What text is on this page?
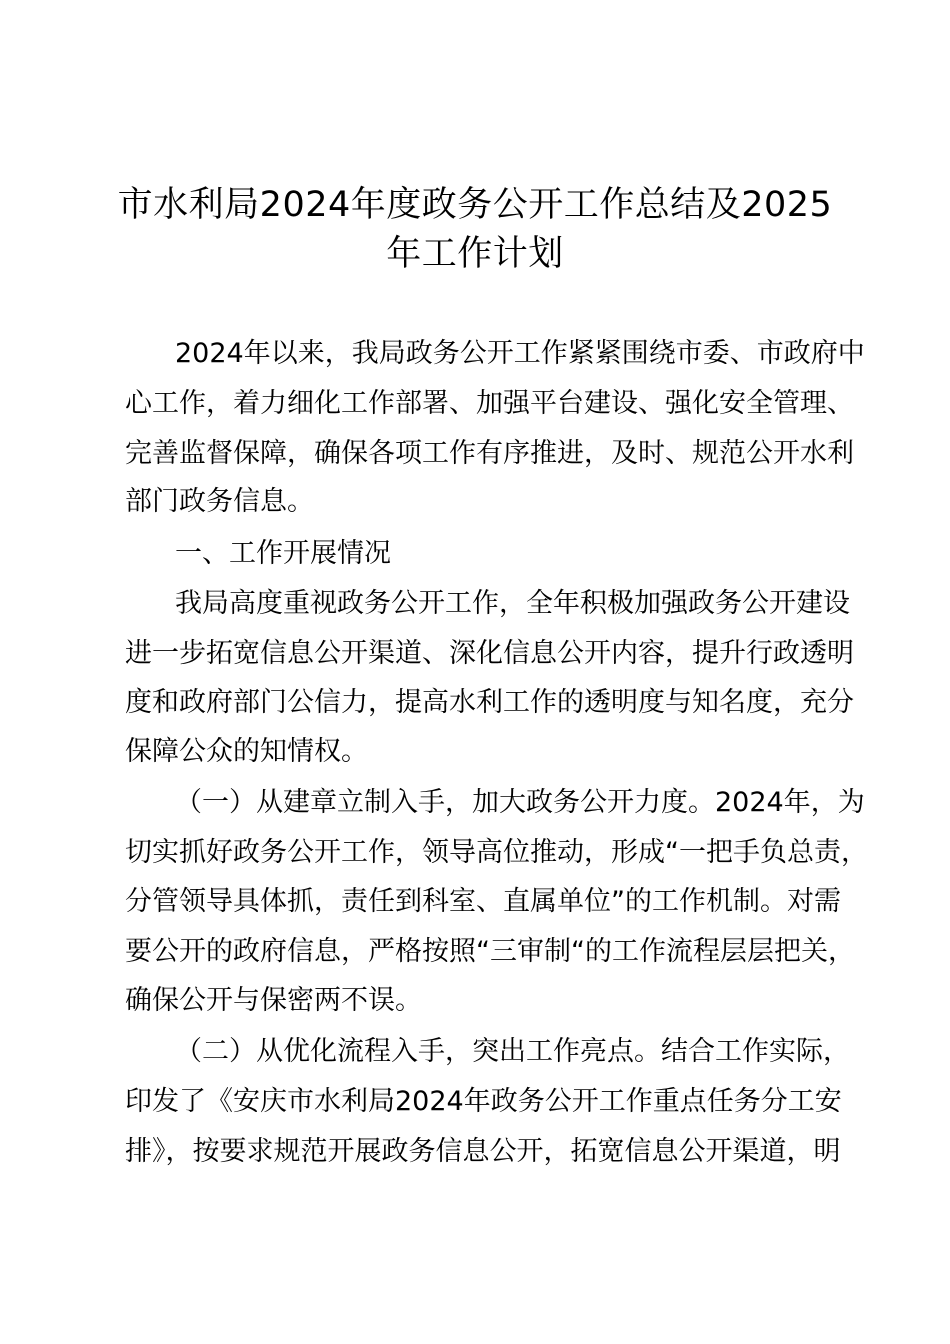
市水利局2024年度政务公开工作总结及2025
年工作计划
2024年以来，我局政务公开工作紧紧围绕市委、市政府中
心工作，着力细化工作部署、加强平台建设、强化安全管理、
完善监督保障，确保各项工作有序推进，及时、规范公开水利
部门政务信息。
一、工作开展情况
我局高度重视政务公开工作，全年积极加强政务公开建设
进一步拓宽信息公开渠道、深化信息公开内容，提升行政透明
度和政府部门公信力，提高水利工作的透明度与知名度，充分
保障公众的知情权。
（一）从建章立制入手，加大政务公开力度。2024年，为
切实抓好政务公开工作，领导高位推动，形成“一把手负总责，
分管领导具体抓，责任到科室、直属单位”的工作机制。对需
要公开的政府信息，严格按照“三审制“的工作流程层层把关，
确保公开与保密两不误。
（二）从优化流程入手，突出工作亮点。结合工作实际，
印发了《安庆市水利局2024年政务公开工作重点任务分工安
排》，按要求规范开展政务信息公开，拓宽信息公开渠道，明
